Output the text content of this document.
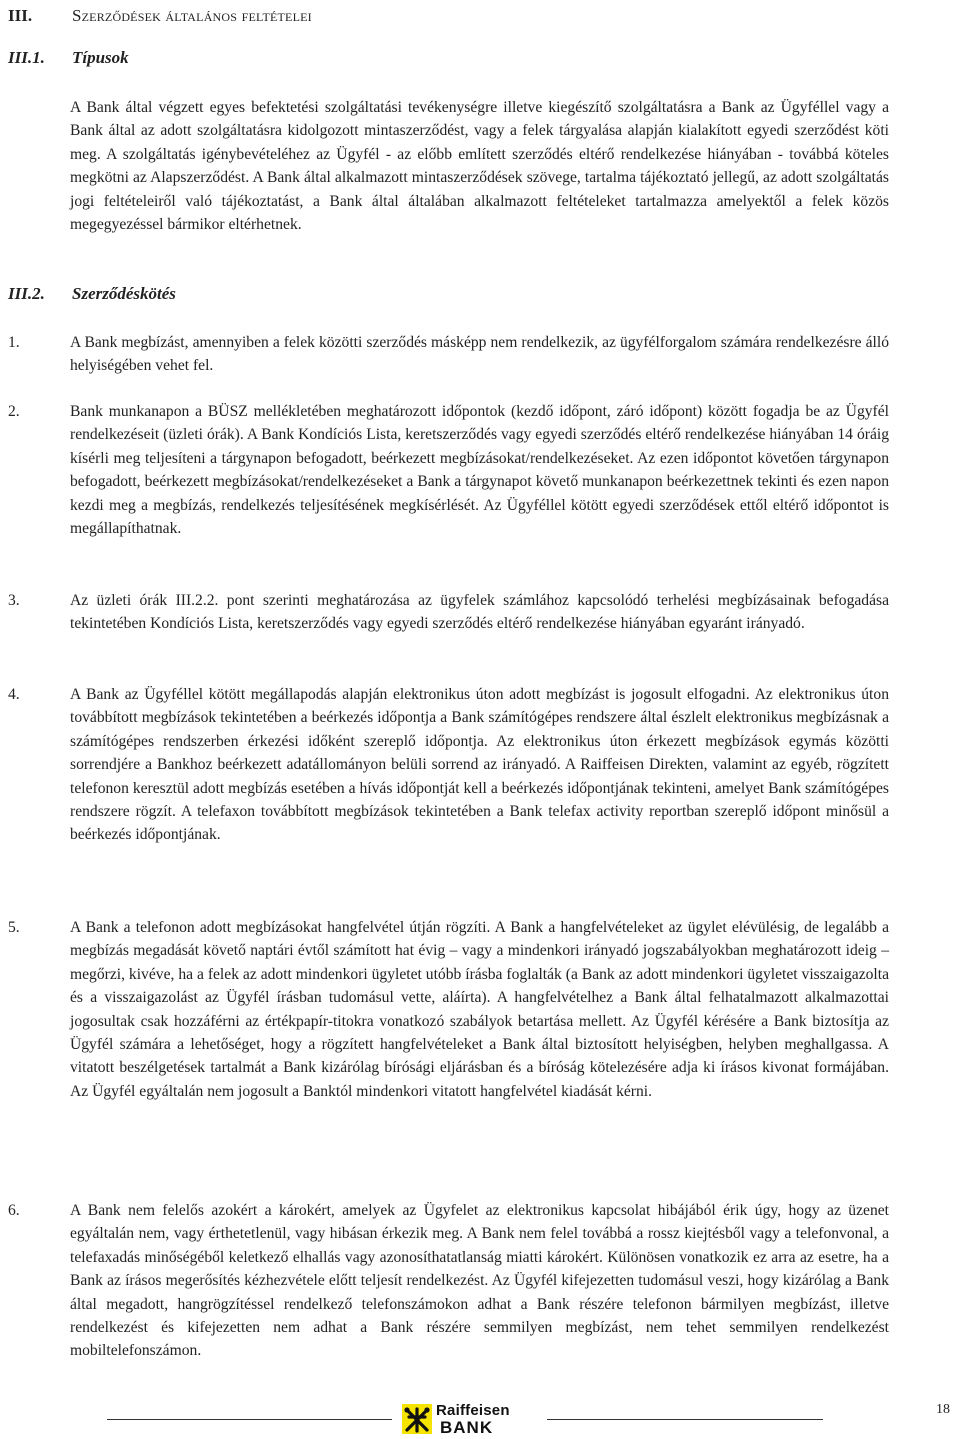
III. Szerződések általános feltételei
III.1. Típusok

A Bank által végzett egyes befektetési szolgáltatási tevékenységre illetve kiegészítő szolgáltatásra a Bank az Ügyféllel vagy a Bank által az adott szolgáltatásra kidolgozott mintaszerződést, vagy a felek tárgyalása alapján kialakított egyedi szerződést köti meg. A szolgáltatás igénybevételéhez az Ügyfél - az előbb említett szerződés eltérő rendelkezése hiányában - továbbá köteles megkötni az Alapszerződést. A Bank által alkalmazott mintaszerződések szövege, tartalma tájékoztató jellegű, az adott szolgáltatás jogi feltételeiről való tájékoztatást, a Bank által általában alkalmazott feltételeket tartalmazza amelyektől a felek közös megegyezéssel bármikor eltérhetnek.

III.2. Szerződéskötés
1.	A Bank megbízást, amennyiben a felek közötti szerződés másképp nem rendelkezik, az ügyfélforgalom számára rendelkezésre álló helyiségében vehet fel.
2.	Bank munkanapon a BÜSZ mellékletében meghatározott időpontok (kezdő időpont, záró időpont) között fogadja be az Ügyfél rendelkezéseit (üzleti órák). A Bank Kondíciós Lista, keretszerződés vagy egyedi szerződés eltérő rendelkezése hiányában 14 óráig kísérli meg teljesíteni a tárgynapon befogadott, beérkezett megbízásokat/rendelkezéseket. Az ezen időpontot követően tárgynapon befogadott, beérkezett megbízásokat/rendelkezéseket a Bank a tárgynapot követő munkanapon beérkezettnek tekinti és ezen napon kezdi meg a megbízás, rendelkezés teljesítésének megkísérlését. Az Ügyféllel kötött egyedi szerződések ettől eltérő időpontot is megállapíthatnak.
3.	Az üzleti órák III.2.2. pont szerinti meghatározása az ügyfelek számlához kapcsolódó terhelési megbízásainak befogadása tekintetében Kondíciós Lista, keretszerződés vagy egyedi szerződés eltérő rendelkezése hiányában egyaránt irányadó.
4.	A Bank az Ügyféllel kötött megállapodás alapján elektronikus úton adott megbízást is jogosult elfogadni. Az elektronikus úton továbbított megbízások tekintetében a beérkezés időpontja a Bank számítógépes rendszere által észlelt elektronikus megbízásnak a számítógépes rendszerben érkezési időként szereplő időpontja. Az elektronikus úton érkezett megbízások egymás közötti sorrendjére a Bankhoz beérkezett adatállományon belüli sorrend az irányadó. A Raiffeisen Direkten, valamint az egyéb, rögzített telefonon keresztül adott megbízás esetében a hívás időpontját kell a beérkezés időpontjának tekinteni, amelyet Bank számítógépes rendszere rögzít. A telefaxon továbbított megbízások tekintetében a Bank telefax activity reportban szereplő időpont minősül a beérkezés időpontjának.
5.	A Bank a telefonon adott megbízásokat hangfelvétel útján rögzíti. A Bank a hangfelvételeket az ügylet elévülésig, de legalább a megbízás megadását követő naptári évtől számított hat évig – vagy a mindenkori irányadó jogszabályokban meghatározott ideig – megőrzi, kivéve, ha a felek az adott mindenkori ügyletet utóbb írásba foglalták (a Bank az adott mindenkori ügyletet visszaigazolta és a visszaigazolást az Ügyfél írásban tudomásul vette, aláírta). A hangfelvételhez a Bank által felhatalmazott alkalmazottai jogosultak csak hozzáférni az értékpapír-titokra vonatkozó szabályok betartása mellett. Az Ügyfél kérésére a Bank biztosítja az Ügyfél számára a lehetőséget, hogy a rögzített hangfelvételeket a Bank által biztosított helyiségben, helyben meghallgassa. A vitatott beszélgetések tartalmát a Bank kizárólag bírósági eljárásban és a bíróság kötelezésére adja ki írásos kivonat formájában. Az Ügyfél egyáltalán nem jogosult a Banktól mindenkori vitatott hangfelvétel kiadását kérni.
6.	A Bank nem felelős azokért a károkért, amelyek az Ügyfelet az elektronikus kapcsolat hibájából érik úgy, hogy az üzenet egyáltalán nem, vagy érthetetlenül, vagy hibásan érkezik meg. A Bank nem felel továbbá a rossz kiejtésből vagy a telefonvonal, a telefaxadás minőségéből keletkező elhallás vagy azonosíthatatlanság miatti károkért. Különösen vonatkozik ez arra az esetre, ha a Bank az írásos megerősítés kézhezvétele előtt teljesít rendelkezést. Az Ügyfél kifejezetten tudomásul veszi, hogy kizárólag a Bank által megadott, hangrögzítéssel rendelkező telefonszámokon adhat a Bank részére telefonon bármilyen megbízást, illetve rendelkezést és kifejezetten nem adhat a Bank részére semmilyen megbízást, nem tehet semmilyen rendelkezést mobiltelefonszámon.
Raiffeisen
BANK
18
